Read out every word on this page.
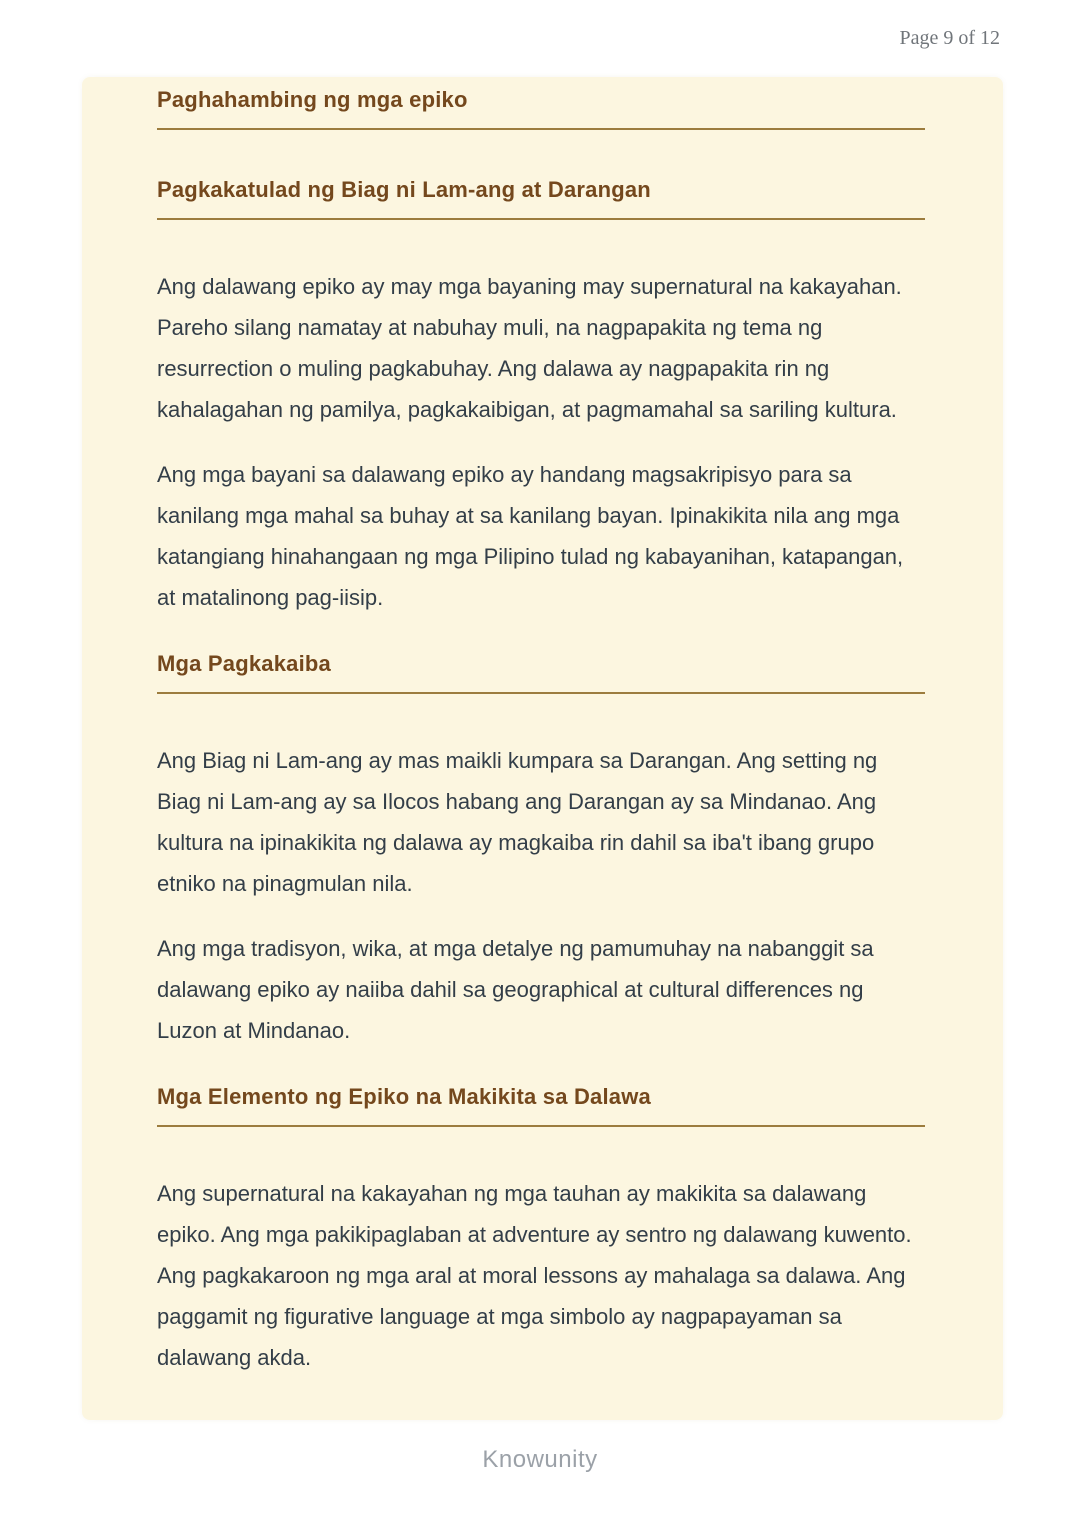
Page 9 of 12
Paghahambing ng mga epiko
Pagkakatulad ng Biag ni Lam-ang at Darangan

Ang dalawang epiko ay may mga bayaning may supernatural na kakayahan. Pareho silang namatay at nabuhay muli, na nagpapakita ng tema ng resurrection o muling pagkabuhay. Ang dalawa ay nagpapakita rin ng kahalagahan ng pamilya, pagkakaibigan, at pagmamahal sa sariling kultura.

Ang mga bayani sa dalawang epiko ay handang magsakripisyo para sa kanilang mga mahal sa buhay at sa kanilang bayan. Ipinakikita nila ang mga katangiang hinahangaan ng mga Pilipino tulad ng kabayanihan, katapangan, at matalinong pag-iisip.

Mga Pagkakaiba

Ang Biag ni Lam-ang ay mas maikli kumpara sa Darangan. Ang setting ng Biag ni Lam-ang ay sa Ilocos habang ang Darangan ay sa Mindanao. Ang kultura na ipinakikita ng dalawa ay magkaiba rin dahil sa iba't ibang grupo etniko na pinagmulan nila.

Ang mga tradisyon, wika, at mga detalye ng pamumuhay na nabanggit sa dalawang epiko ay naiiba dahil sa geographical at cultural differences ng Luzon at Mindanao.

Mga Elemento ng Epiko na Makikita sa Dalawa

Ang supernatural na kakayahan ng mga tauhan ay makikita sa dalawang epiko. Ang mga pakikipaglaban at adventure ay sentro ng dalawang kuwento. Ang pagkakaroon ng mga aral at moral lessons ay mahalaga sa dalawa. Ang paggamit ng figurative language at mga simbolo ay nagpapayaman sa dalawang akda.

Knowunity
